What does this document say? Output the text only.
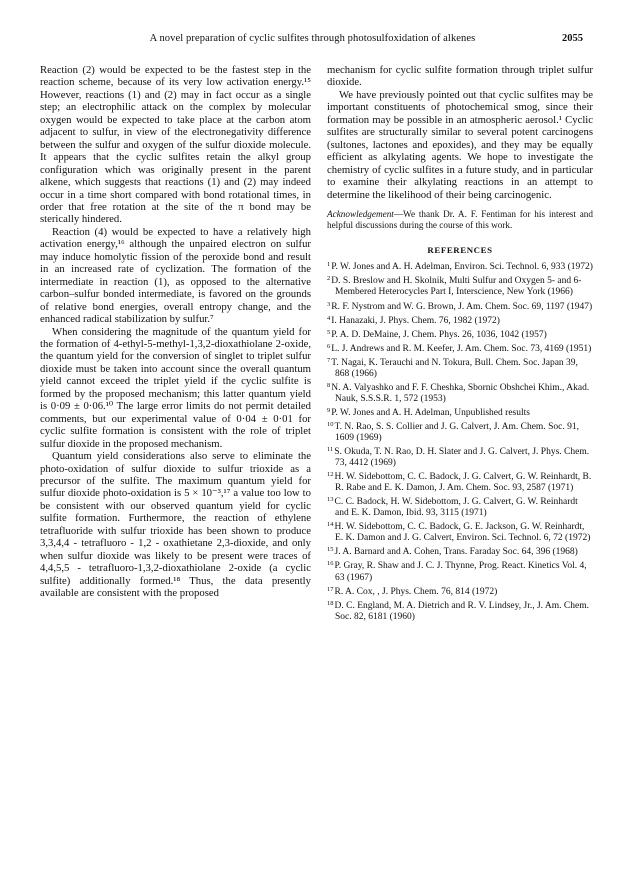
A novel preparation of cyclic sulfites through photosulfoxidation of alkenes	2055

Reaction (2) would be expected to be the fastest step in the reaction scheme, because of its very low activation energy.¹⁵ However, reactions (1) and (2) may in fact occur as a single step; an electrophilic attack on the complex by molecular oxygen would be expected to take place at the carbon atom adjacent to sulfur, in view of the electronegativity difference between the sulfur and oxygen of the sulfur dioxide molecule. It appears that the cyclic sulfites retain the alkyl group configuration which was originally present in the parent alkene, which suggests that reactions (1) and (2) may indeed occur in a time short compared with bond rotational times, in order that free rotation at the site of the π bond may be sterically hindered.

Reaction (4) would be expected to have a relatively high activation energy,¹⁶ although the unpaired electron on sulfur may induce homolytic fission of the peroxide bond and result in an increased rate of cyclization. The formation of the intermediate in reaction (1), as opposed to the alternative carbon–sulfur bonded intermediate, is favored on the grounds of relative bond energies, overall entropy change, and the enhanced radical stabilization by sulfur.⁷

When considering the magnitude of the quantum yield for the formation of 4-ethyl-5-methyl-1,3,2-dioxathiolane 2-oxide, the quantum yield for the conversion of singlet to triplet sulfur dioxide must be taken into account since the overall quantum yield cannot exceed the triplet yield if the cyclic sulfite is formed by the proposed mechanism; this latter quantum yield is 0·09 ± 0·06.¹⁰ The large error limits do not permit detailed comments, but our experimental value of 0·04 ± 0·01 for cyclic sulfite formation is consistent with the role of triplet sulfur dioxide in the proposed mechanism.

Quantum yield considerations also serve to eliminate the photo-oxidation of sulfur dioxide to sulfur trioxide as a precursor of the sulfite. The maximum quantum yield for sulfur dioxide photo-oxidation is 5 × 10⁻³,¹⁷ a value too low to be consistent with our observed quantum yield for cyclic sulfite formation. Furthermore, the reaction of ethylene tetrafluoride with sulfur trioxide has been shown to produce 3,3,4,4 - tetrafluoro - 1,2 - oxathietane 2,3-dioxide, and only when sulfur dioxide was likely to be present were traces of 4,4,5,5 - tetrafluoro-1,3,2-dioxathiolane 2-oxide (a cyclic sulfite) additionally formed.¹⁸ Thus, the data presently available are consistent with the proposed

mechanism for cyclic sulfite formation through triplet sulfur dioxide.

We have previously pointed out that cyclic sulfites may be important constituents of photochemical smog, since their formation may be possible in an atmospheric aerosol.¹ Cyclic sulfites are structurally similar to several potent carcinogens (sultones, lactones and epoxides), and they may be equally efficient as alkylating agents. We hope to investigate the chemistry of cyclic sulfites in a future study, and in particular to examine their alkylating reactions in an attempt to determine the likelihood of their being carcinogenic.

Acknowledgement—We thank Dr. A. F. Fentiman for his interest and helpful discussions during the course of this work.

REFERENCES
$^1$P. W. Jones and A. H. Adelman, Environ. Sci. Technol. 6, 933 (1972)
$^2$D. S. Breslow and H. Skolnik, Multi Sulfur and Oxygen 5- and 6-Membered Heterocycles Part I, Interscience, New York (1966)
$^3$R. F. Nystrom and W. G. Brown, J. Am. Chem. Soc. 69, 1197 (1947)
$^4$I. Hanazaki, J. Phys. Chem. 76, 1982 (1972)
$^5$P. A. D. DeMaine, J. Chem. Phys. 26, 1036, 1042 (1957)
$^6$L. J. Andrews and R. M. Keefer, J. Am. Chem. Soc. 73, 4169 (1951)
$^7$T. Nagai, K. Terauchi and N. Tokura, Bull. Chem. Soc. Japan 39, 868 (1966)
$^8$N. A. Valyashko and F. F. Cheshka, Sbornic Obshchei Khim., Akad. Nauk, S.S.S.R. 1, 572 (1953)
$^9$P. W. Jones and A. H. Adelman, Unpublished results
$^{10}$T. N. Rao, S. S. Collier and J. G. Calvert, J. Am. Chem. Soc. 91, 1609 (1969)
$^{11}$S. Okuda, T. N. Rao, D. H. Slater and J. G. Calvert, J. Phys. Chem. 73, 4412 (1969)
$^{12}$H. W. Sidebottom, C. C. Badock, J. G. Calvert, G. W. Reinhardt, B. R. Rabe and E. K. Damon, J. Am. Chem. Soc. 93, 2587 (1971)
$^{13}$C. C. Badock, H. W. Sidebottom, J. G. Calvert, G. W. Reinhardt and E. K. Damon, Ibid. 93, 3115 (1971)
$^{14}$H. W. Sidebottom, C. C. Badock, G. E. Jackson, G. W. Reinhardt, E. K. Damon and J. G. Calvert, Environ. Sci. Technol. 6, 72 (1972)
$^{15}$J. A. Barnard and A. Cohen, Trans. Faraday Soc. 64, 396 (1968)
$^{16}$P. Gray, R. Shaw and J. C. J. Thynne, Prog. React. Kinetics Vol. 4, 63 (1967)
$^{17}$R. A. Cox, , J. Phys. Chem. 76, 814 (1972)
$^{18}$D. C. England, M. A. Dietrich and R. V. Lindsey, Jr., J. Am. Chem. Soc. 82, 6181 (1960)
